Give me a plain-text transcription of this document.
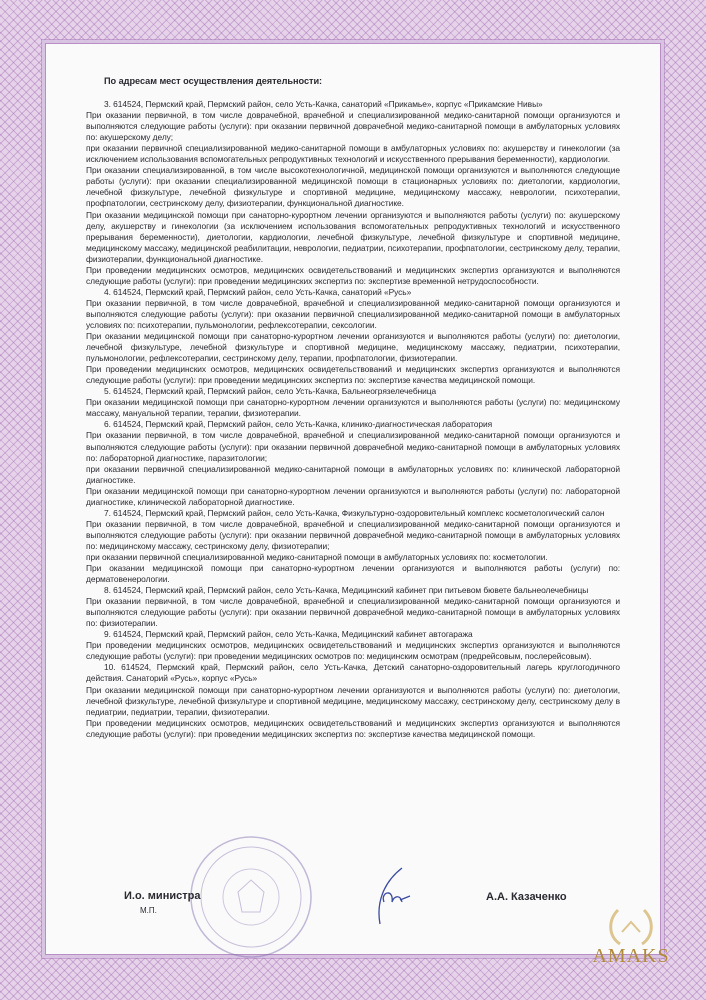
По адресам мест осуществления деятельности:

3. 614524, Пермский край, Пермский район, село Усть-Качка, санаторий «Прикамье», корпус «Прикамские Нивы»

При оказании первичной, в том числе доврачебной, врачебной и специализированной медико-санитарной помощи организуются и выполняются следующие работы (услуги): при оказании первичной доврачебной медико-санитарной помощи в амбулаторных условиях по: акушерскому делу;

при оказании первичной специализированной медико-санитарной помощи в амбулаторных условиях по: акушерству и гинекологии (за исключением использования вспомогательных репродуктивных технологий и искусственного прерывания беременности), кардиологии.

При оказании специализированной, в том числе высокотехнологичной, медицинской помощи организуются и выполняются следующие работы (услуги): при оказании специализированной медицинской помощи в стационарных условиях по: диетологии, кардиологии, лечебной физкультуре, лечебной физкультуре и спортивной медицине, медицинскому массажу, неврологии, психотерапии, профпатологии, сестринскому делу, физиотерапии, функциональной диагностике.

При оказании медицинской помощи при санаторно-курортном лечении организуются и выполняются работы (услуги) по: акушерскому делу, акушерству и гинекологии (за исключением использования вспомогательных репродуктивных технологий и искусственного прерывания беременности), диетологии, кардиологии, лечебной физкультуре, лечебной физкультуре и спортивной медицине, медицинскому массажу, медицинской реабилитации, неврологии, педиатрии, психотерапии, профпатологии, сестринскому делу, терапии, физиотерапии, функциональной диагностике.

При проведении медицинских осмотров, медицинских освидетельствований и медицинских экспертиз организуются и выполняются следующие работы (услуги): при проведении медицинских экспертиз по: экспертизе временной нетрудоспособности.

4. 614524, Пермский край, Пермский район, село Усть-Качка, санаторий «Русь»

При оказании первичной, в том числе доврачебной, врачебной и специализированной медико-санитарной помощи организуются и выполняются следующие работы (услуги): при оказании первичной специализированной медико-санитарной помощи в амбулаторных условиях по: психотерапии, пульмонологии, рефлексотерапии, сексологии.

При оказании медицинской помощи при санаторно-курортном лечении организуются и выполняются работы (услуги) по: диетологии, лечебной физкультуре, лечебной физкультуре и спортивной медицине, медицинскому массажу, педиатрии, психотерапии, пульмонологии, рефлексотерапии, сестринскому делу, терапии, профпатологии, физиотерапии.

При проведении медицинских осмотров, медицинских освидетельствований и медицинских экспертиз организуются и выполняются следующие работы (услуги): при проведении медицинских экспертиз по: экспертизе качества медицинской помощи.

5. 614524, Пермский край, Пермский район, село Усть-Качка, Бальнеогрязелечебница

При оказании медицинской помощи при санаторно-курортном лечении организуются и выполняются работы (услуги) по: медицинскому массажу, мануальной терапии, терапии, физиотерапии.

6. 614524, Пермский край, Пермский район, село Усть-Качка, клинико-диагностическая лаборатория

При оказании первичной, в том числе доврачебной, врачебной и специализированной медико-санитарной помощи организуются и выполняются следующие работы (услуги): при оказании первичной доврачебной медико-санитарной помощи в амбулаторных условиях по: лабораторной диагностике, паразитологии;

при оказании первичной специализированной медико-санитарной помощи в амбулаторных условиях по: клинической лабораторной диагностике.

При оказании медицинской помощи при санаторно-курортном лечении организуются и выполняются работы (услуги) по: лабораторной диагностике, клинической лабораторной диагностике.

7. 614524, Пермский край, Пермский район, село Усть-Качка, Физкультурно-оздоровительный комплекс косметологический салон

При оказании первичной, в том числе доврачебной, врачебной и специализированной медико-санитарной помощи организуются и выполняются следующие работы (услуги): при оказании первичной доврачебной медико-санитарной помощи в амбулаторных условиях по: медицинскому массажу, сестринскому делу, физиотерапии;

при оказании первичной специализированной медико-санитарной помощи в амбулаторных условиях по: косметологии.

При оказании медицинской помощи при санаторно-курортном лечении организуются и выполняются работы (услуги) по: дерматовенерологии.

8. 614524, Пермский край, Пермский район, село Усть-Качка, Медицинский кабинет при питьевом бювете бальнеолечебницы

При оказании первичной, в том числе доврачебной, врачебной и специализированной медико-санитарной помощи организуются и выполняются следующие работы (услуги): при оказании первичной доврачебной медико-санитарной помощи в амбулаторных условиях по: физиотерапии.

9. 614524, Пермский край, Пермский район, село Усть-Качка, Медицинский кабинет автогаража

При проведении медицинских осмотров, медицинских освидетельствований и медицинских экспертиз организуются и выполняются следующие работы (услуги): при проведении медицинских осмотров по: медицинским осмотрам (предрейсовым, послерейсовым).

10. 614524, Пермский край, Пермский район, село Усть-Качка, Детский санаторно-оздоровительный лагерь круглогодичного действия. Санаторий «Русь», корпус «Русь»

При оказании медицинской помощи при санаторно-курортном лечении организуются и выполняются работы (услуги) по: диетологии, лечебной физкультуре, лечебной физкультуре и спортивной медицине, медицинскому массажу, сестринскому делу, сестринскому делу в педиатрии, педиатрии, терапии, физиотерапии.

При проведении медицинских осмотров, медицинских освидетельствований и медицинских экспертиз организуются и выполняются следующие работы (услуги): при проведении медицинских экспертиз по: экспертизе качества медицинской помощи.

И.о. министра
М.П.
А.А. Казаченко
AMAKS
